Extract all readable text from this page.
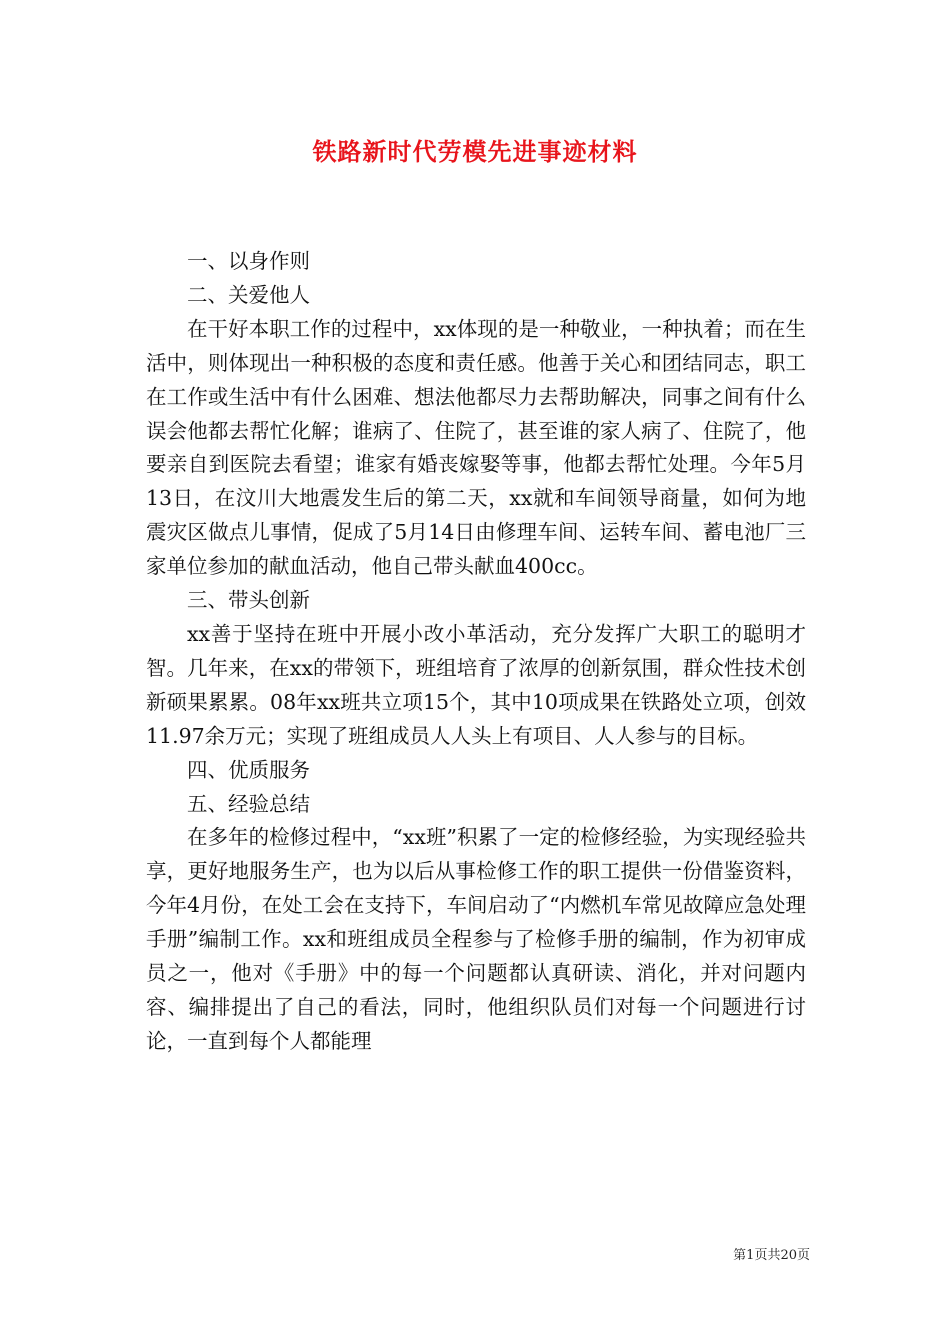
铁路新时代劳模先进事迹材料

一、以身作则

二、关爱他人

在干好本职工作的过程中，xx体现的是一种敬业，一种执着；而在生活中，则体现出一种积极的态度和责任感。他善于关心和团结同志，职工在工作或生活中有什么困难、想法他都尽力去帮助解决，同事之间有什么误会他都去帮忙化解；谁病了、住院了，甚至谁的家人病了、住院了，他要亲自到医院去看望；谁家有婚丧嫁娶等事，他都去帮忙处理。今年5月13日，在汶川大地震发生后的第二天，xx就和车间领导商量，如何为地震灾区做点儿事情，促成了5月14日由修理车间、运转车间、蓄电池厂三家单位参加的献血活动，他自己带头献血400cc。

三、带头创新

xx善于坚持在班中开展小改小革活动，充分发挥广大职工的聪明才智。几年来，在xx的带领下，班组培育了浓厚的创新氛围，群众性技术创新硕果累累。08年xx班共立项15个，其中10项成果在铁路处立项，创效11.97余万元；实现了班组成员人人头上有项目、人人参与的目标。

四、优质服务

五、经验总结

在多年的检修过程中，“xx班”积累了一定的检修经验，为实现经验共享，更好地服务生产，也为以后从事检修工作的职工提供一份借鉴资料，今年4月份，在处工会在支持下，车间启动了“内燃机车常见故障应急处理手册”编制工作。xx和班组成员全程参与了检修手册的编制，作为初审成员之一，他对《手册》中的每一个问题都认真研读、消化，并对问题内容、编排提出了自己的看法，同时，他组织队员们对每一个问题进行讨论，一直到每个人都能理

第1页共20页
